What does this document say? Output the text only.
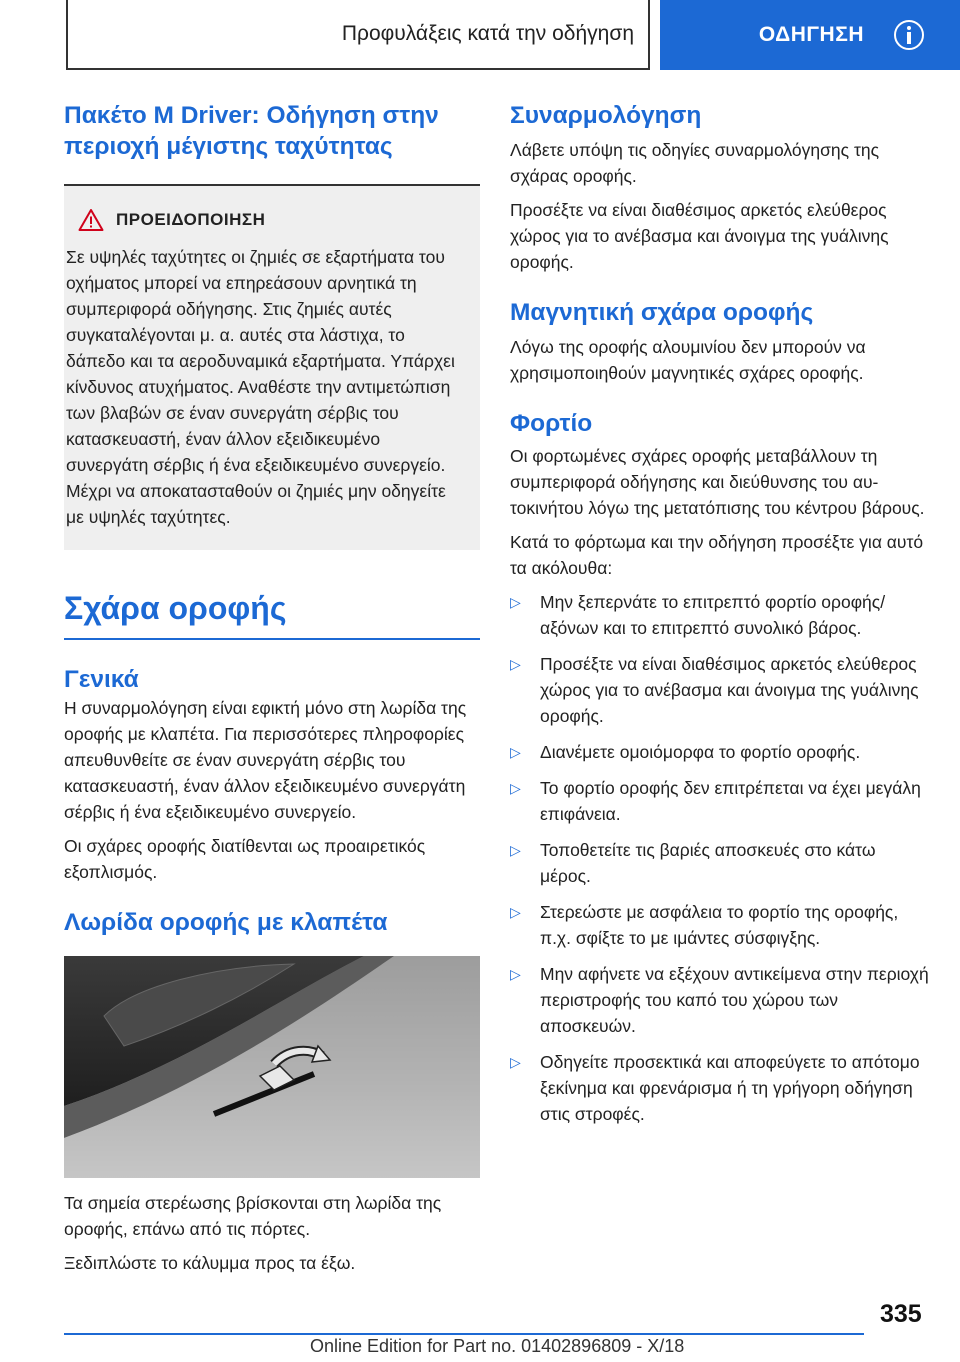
Προφυλάξεις κατά την οδήγηση	ΟΔΗΓΗΣΗ
Πακέτο M Driver: Οδήγηση στην περιοχή μέγιστης ταχύτητας
ΠΡΟΕΙΔΟΠΟΙΗΣΗ

Σε υψηλές ταχύτητες οι ζημιές σε εξαρτήματα του οχήματος μπορεί να επηρεάσουν αρνητικά τη συμπεριφορά οδήγησης. Στις ζημιές αυτές συγκαταλέγονται μ. α. αυτές στα λάστιχα, το δάπεδο και τα αεροδυναμικά εξαρτήματα. Υπάρχει κίνδυνος ατυχήματος. Αναθέστε την αντιμετώπιση των βλαβών σε έναν συνεργάτη σέρβις του κατασκευαστή, έναν άλλον εξειδικευμένο συνεργάτη σέρβις ή ένα εξειδικευμένο συνεργείο. Μέχρι να αποκατασταθούν οι ζημιές μην οδηγείτε με υψηλές ταχύτητες.

Σχάρα οροφής
Γενικά

Η συναρμολόγηση είναι εφικτή μόνο στη λωρίδα της οροφής με κλαπέτα. Για περισσότερες πληροφορίες απευθυνθείτε σε έναν συνεργάτη σέρβις του κατασκευαστή, έναν άλλον εξειδικευμένο συνεργάτη σέρβις ή ένα εξειδικευμένο συνεργείο.

Οι σχάρες οροφής διατίθενται ως προαιρετικός εξοπλισμός.

Λωρίδα οροφής με κλαπέτα

Τα σημεία στερέωσης βρίσκονται στη λωρίδα της οροφής, επάνω από τις πόρτες.

Ξεδιπλώστε το κάλυμμα προς τα έξω.

Συναρμολόγηση

Λάβετε υπόψη τις οδηγίες συναρμολόγησης της σχάρας οροφής.

Προσέξτε να είναι διαθέσιμος αρκετός ελεύθερος χώρος για το ανέβασμα και άνοιγμα της γυάλινης οροφής.

Μαγνητική σχάρα οροφής

Λόγω της οροφής αλουμινίου δεν μπορούν να χρησιμοποιηθούν μαγνητικές σχάρες οροφής.

Φορτίο

Οι φορτωμένες σχάρες οροφής μεταβάλλουν τη συμπεριφορά οδήγησης και διεύθυνσης του αυτοκινήτου λόγω της μετατόπισης του κέντρου βάρους.

Κατά το φόρτωμα και την οδήγηση προσέξτε για αυτό τα ακόλουθα:

▷ Μην ξεπερνάτε το επιτρεπτό φορτίο οροφής/ αξόνων και το επιτρεπτό συνολικό βάρος.
▷ Προσέξτε να είναι διαθέσιμος αρκετός ελεύθερος χώρος για το ανέβασμα και άνοιγμα της γυάλινης οροφής.
▷ Διανέμετε ομοιόμορφα το φορτίο οροφής.
▷ Το φορτίο οροφής δεν επιτρέπεται να έχει μεγάλη επιφάνεια.
▷ Τοποθετείτε τις βαριές αποσκευές στο κάτω μέρος.
▷ Στερεώστε με ασφάλεια το φορτίο της οροφής, π.χ. σφίξτε το με ιμάντες σύσφιγξης.
▷ Μην αφήνετε να εξέχουν αντικείμενα στην περιοχή περιστροφής του καπό του χώρου των αποσκευών.
▷ Οδηγείτε προσεκτικά και αποφεύγετε το απότομο ξεκίνημα και φρενάρισμα ή τη γρήγορη οδήγηση στις στροφές.
335
Online Edition for Part no. 01402896809 - X/18
